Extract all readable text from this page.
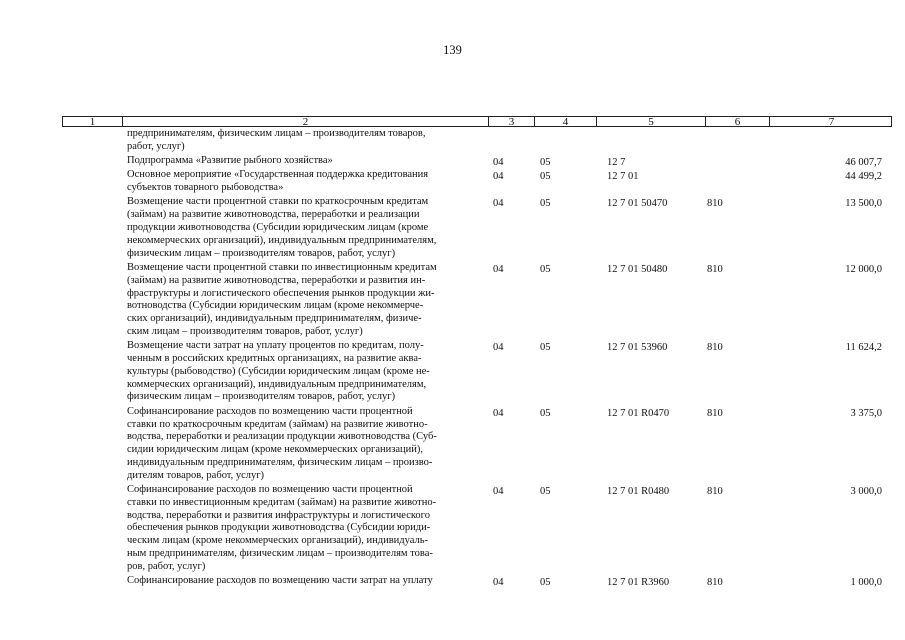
139
1	2	3	4	5	6	7
предпринимателям, физическим лицам – производителям товаров,
работ, услуг)
Подпрограмма «Развитие рыбного хозяйства»	04	05	12 7	46 007,7
Основное мероприятие «Государственная поддержка кредитования
субъектов товарного рыбоводства»
04	05	12 7 01	44 499,2
Возмещение части процентной ставки по краткосрочным кредитам
(займам) на развитие животноводства, переработки и реализации
продукции животноводства (Субсидии юридическим лицам (кроме
некоммерческих организаций), индивидуальным предпринимателям,
физическим лицам – производителям товаров, работ, услуг)
04	05	12 7 01 50470	810	13 500,0
Возмещение части процентной ставки по инвестиционным кредитам
(займам) на развитие животноводства, переработки и развития ин-
фраструктуры и логистического обеспечения рынков продукции жи-
вотноводства (Субсидии юридическим лицам (кроме некоммерче-
ских организаций), индивидуальным предпринимателям, физиче-
ским лицам – производителям товаров, работ, услуг)
04	05	12 7 01 50480	810	12 000,0
Возмещение части затрат на уплату процентов по кредитам, полу-
ченным в российских кредитных организациях, на развитие аква-
культуры (рыбоводство) (Субсидии юридическим лицам (кроме не-
коммерческих организаций), индивидуальным предпринимателям,
физическим лицам – производителям товаров, работ, услуг)
04	05	12 7 01 53960	810	11 624,2
Софинансирование расходов по возмещению части процентной
ставки по краткосрочным кредитам (займам) на развитие животно-
водства, переработки и реализации продукции животноводства (Суб-
сидии юридическим лицам (кроме некоммерческих организаций),
индивидуальным предпринимателям, физическим лицам – произво-
дителям товаров, работ, услуг)
04	05	12 7 01 R0470	810	3 375,0
Софинансирование расходов по возмещению части процентной
ставки по инвестиционным кредитам (займам) на развитие животно-
водства, переработки и развития инфраструктуры и логистического
обеспечения рынков продукции животноводства (Субсидии юриди-
ческим лицам (кроме некоммерческих организаций), индивидуаль-
ным предпринимателям, физическим лицам – производителям това-
ров, работ, услуг)
04	05	12 7 01 R0480	810	3 000,0
Софинансирование расходов по возмещению части затрат на уплату	04	05	12 7 01 R3960	810	1 000,0
